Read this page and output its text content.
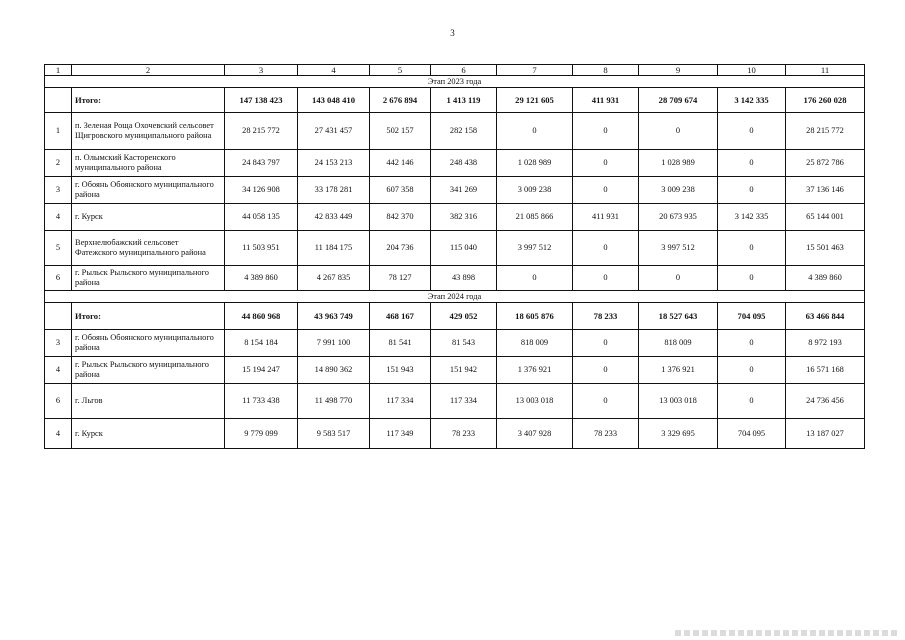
3
1	2	3	4	5	6	7	8	9	10	11
Этап 2023 года										
	Итого:	147 138 423	143 048 410	2 676 894	1 413 119	29 121 605	411 931	28 709 674	3 142 335	176 260 028
1	п. Зеленая Роща Охочевский сельсовет Щигровского муниципального района	28 215 772	27 431 457	502 157	282 158	0	0	0	0	28 215 772
2	п. Олымский Касторенского муниципального района	24 843 797	24 153 213	442 146	248 438	1 028 989	0	1 028 989	0	25 872 786
3	г. Обоянь Обоянского муниципального района	34 126 908	33 178 281	607 358	341 269	3 009 238	0	3 009 238	0	37 136 146
4	г. Курск	44 058 135	42 833 449	842 370	382 316	21 085 866	411 931	20 673 935	3 142 335	65 144 001
5	Верхнелюбажский сельсовет Фатежского муниципального района	11 503 951	11 184 175	204 736	115 040	3 997 512	0	3 997 512	0	15 501 463
6	г. Рыльск Рыльского муниципального района	4 389 860	4 267 835	78 127	43 898	0	0	0	0	4 389 860
Этап 2024 года										
	Итого:	44 860 968	43 963 749	468 167	429 052	18 605 876	78 233	18 527 643	704 095	63 466 844
3	г. Обоянь Обоянского муниципального района	8 154 184	7 991 100	81 541	81 543	818 009	0	818 009	0	8 972 193
4	г. Рыльск Рыльского муниципального района	15 194 247	14 890 362	151 943	151 942	1 376 921	0	1 376 921	0	16 571 168
6	г. Льгов	11 733 438	11 498 770	117 334	117 334	13 003 018	0	13 003 018	0	24 736 456
4	г. Курск	9 779 099	9 583 517	117 349	78 233	3 407 928	78 233	3 329 695	704 095	13 187 027
